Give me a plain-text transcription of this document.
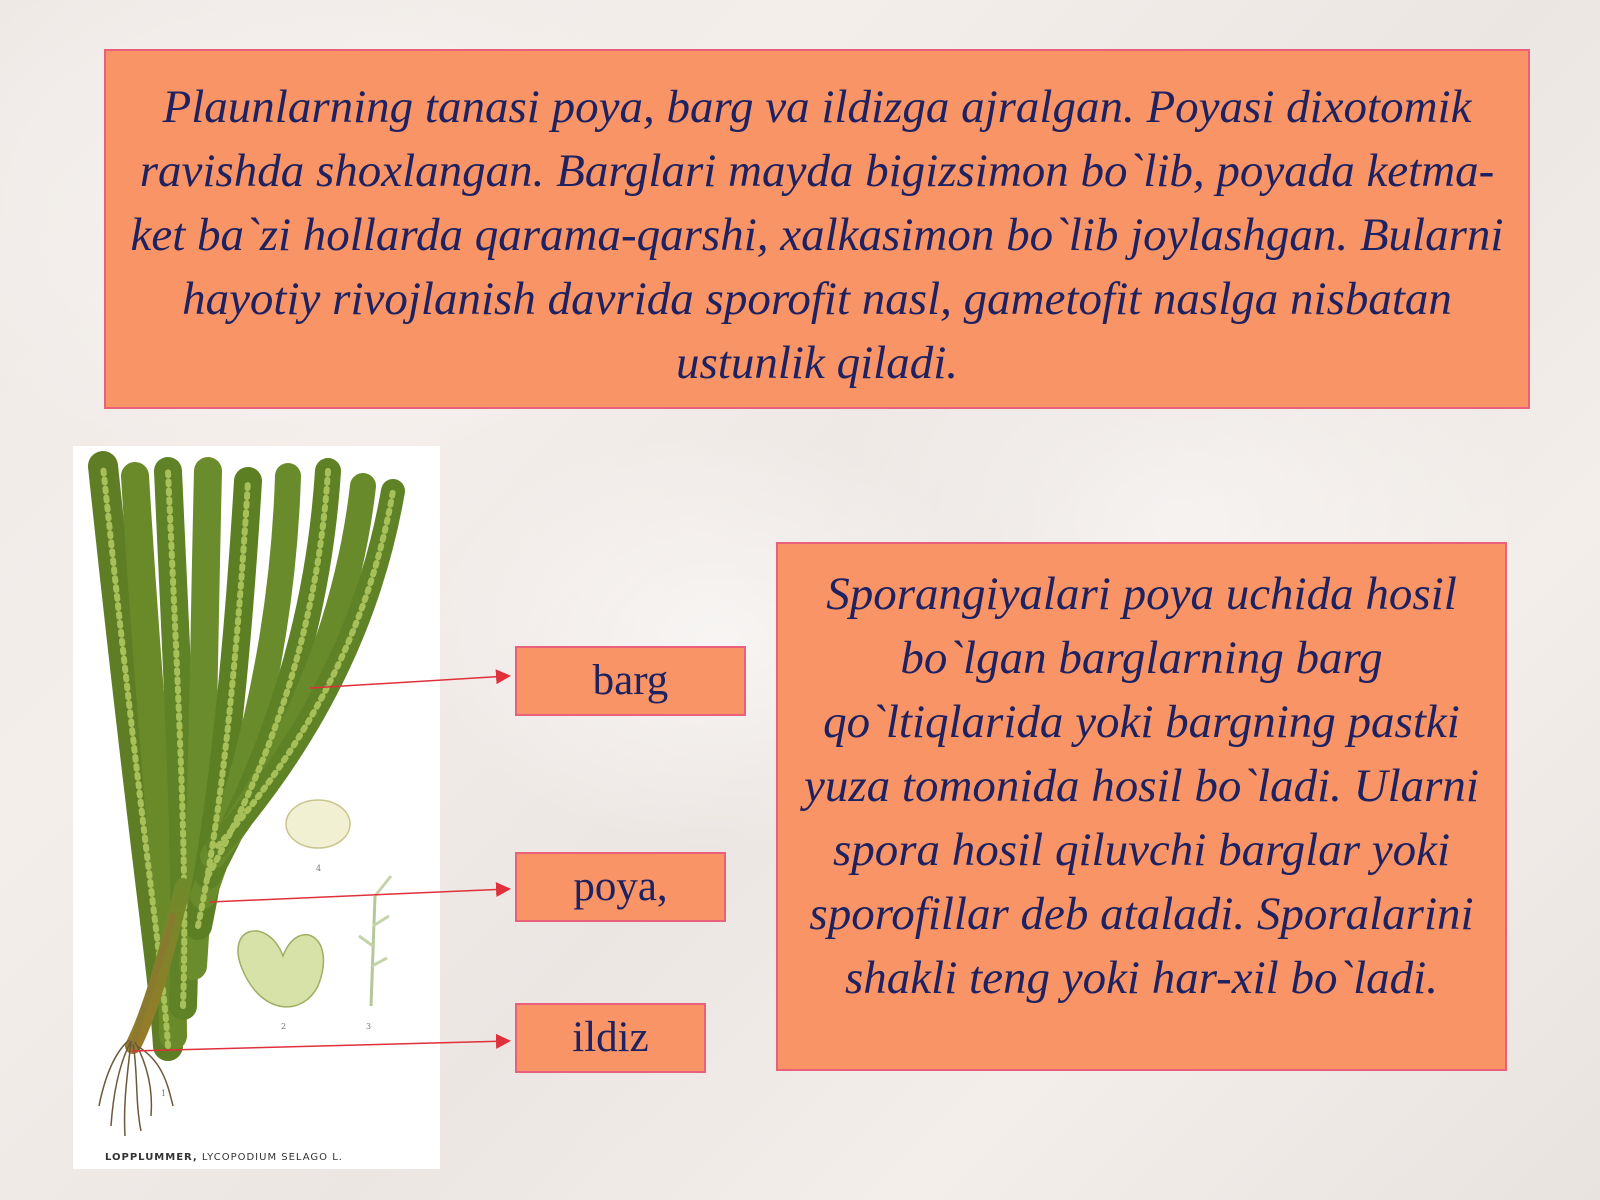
Plaunlarning tanasi poya, barg va ildizga ajralgan. Poyasi dixotomik ravishda shoxlangan. Barglari mayda bigizsimon bo`lib, poyada ketma-ket ba`zi hollarda qarama-qarshi, xalkasimon bo`lib joylashgan. Bularni hayotiy rivojlanish davrida sporofit nasl, gametofit naslga nisbatan ustunlik qiladi.
4
2	3
1
LOPPLUMMER, LYCOPODIUM SELAGO L.
barg
poya,
ildiz
Sporangiyalari poya uchida hosil bo`lgan barglarning barg qo`ltiqlarida yoki bargning pastki yuza tomonida hosil bo`ladi. Ularni spora hosil qiluvchi barglar yoki sporofillar deb ataladi. Sporalarini shakli teng yoki har-xil bo`ladi.
